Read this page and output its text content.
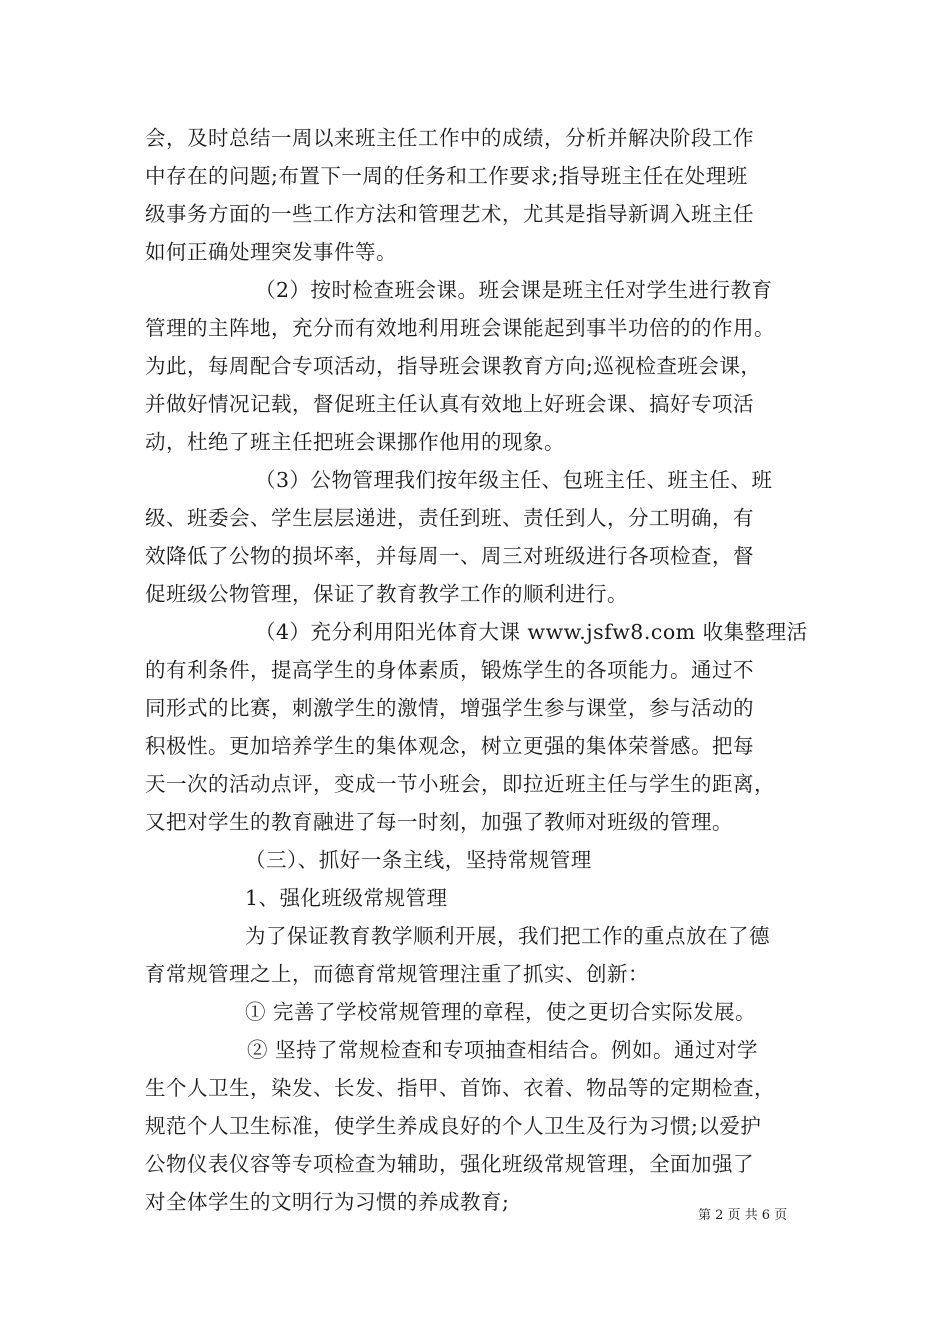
会，及时总结一周以来班主任工作中的成绩，分析并解决阶段工作
中存在的问题;布置下一周的任务和工作要求;指导班主任在处理班
级事务方面的一些工作方法和管理艺术，尤其是指导新调入班主任
如何正确处理突发事件等。
（2）按时检查班会课。班会课是班主任对学生进行教育
管理的主阵地，充分而有效地利用班会课能起到事半功倍的的作用。
为此，每周配合专项活动，指导班会课教育方向;巡视检查班会课，
并做好情况记载，督促班主任认真有效地上好班会课、搞好专项活
动，杜绝了班主任把班会课挪作他用的现象。
（3）公物管理我们按年级主任、包班主任、班主任、班
级、班委会、学生层层递进，责任到班、责任到人，分工明确，有
效降低了公物的损坏率，并每周一、周三对班级进行各项检查，督
促班级公物管理，保证了教育教学工作的顺利进行。
（4）充分利用阳光体育大课 www.jsfw8.com 收集整理活
的有利条件，提高学生的身体素质，锻炼学生的各项能力。通过不
同形式的比赛，刺激学生的激情，增强学生参与课堂，参与活动的
积极性。更加培养学生的集体观念，树立更强的集体荣誉感。把每
天一次的活动点评，变成一节小班会，即拉近班主任与学生的距离，
又把对学生的教育融进了每一时刻，加强了教师对班级的管理。
（三）、抓好一条主线，坚持常规管理
1、强化班级常规管理
为了保证教育教学顺利开展，我们把工作的重点放在了德
育常规管理之上，而德育常规管理注重了抓实、创新：
① 完善了学校常规管理的章程，使之更切合实际发展。
② 坚持了常规检查和专项抽查相结合。例如。通过对学
生个人卫生，染发、长发、指甲、首饰、衣着、物品等的定期检查，
规范个人卫生标准，使学生养成良好的个人卫生及行为习惯;以爱护
公物仪表仪容等专项检查为辅助，强化班级常规管理，全面加强了
对全体学生的文明行为习惯的养成教育;
第 2 页 共 6 页
